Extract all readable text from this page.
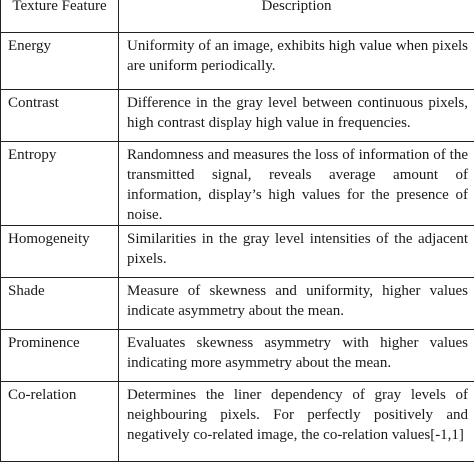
Texture Feature	Description
Energy	Uniformity of an image, exhibits high value when pixels are uniform periodically.
Contrast	Difference in the gray level between continuous pixels, high contrast display high value in frequencies.
Entropy	Randomness and measures the loss of information of the transmitted signal, reveals average amount of information, display’s high values for the presence of noise.
Homogeneity	Similarities in the gray level intensities of the adjacent pixels.
Shade	Measure of skewness and uniformity, higher values indicate asymmetry about the mean.
Prominence	Evaluates skewness asymmetry with higher values indicating more asymmetry about the mean.
Co-relation	Determines the liner dependency of gray levels of neighbouring pixels. For perfectly positively and negatively co-related image, the co-relation values[-1,1]
